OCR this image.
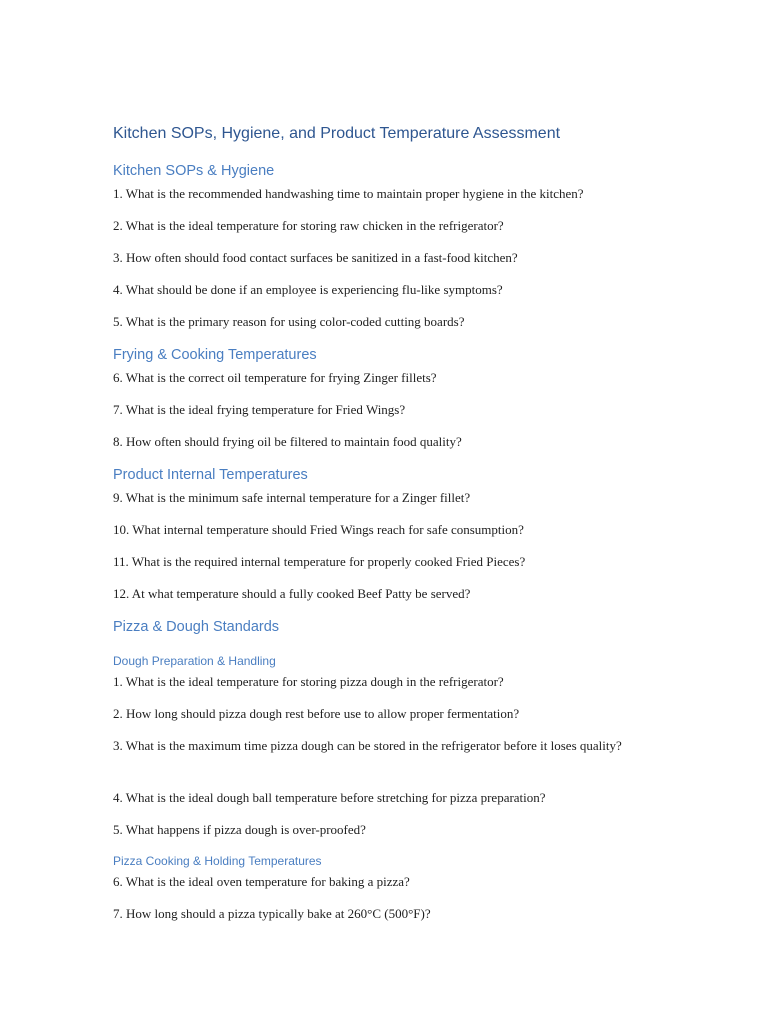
Kitchen SOPs, Hygiene, and Product Temperature Assessment
Kitchen SOPs & Hygiene
1. What is the recommended handwashing time to maintain proper hygiene in the kitchen?
2. What is the ideal temperature for storing raw chicken in the refrigerator?
3. How often should food contact surfaces be sanitized in a fast-food kitchen?
4. What should be done if an employee is experiencing flu-like symptoms?
5. What is the primary reason for using color-coded cutting boards?
Frying & Cooking Temperatures
6. What is the correct oil temperature for frying Zinger fillets?
7. What is the ideal frying temperature for Fried Wings?
8. How often should frying oil be filtered to maintain food quality?
Product Internal Temperatures
9. What is the minimum safe internal temperature for a Zinger fillet?
10. What internal temperature should Fried Wings reach for safe consumption?
11. What is the required internal temperature for properly cooked Fried Pieces?
12. At what temperature should a fully cooked Beef Patty be served?
Pizza & Dough Standards
Dough Preparation & Handling
1. What is the ideal temperature for storing pizza dough in the refrigerator?
2. How long should pizza dough rest before use to allow proper fermentation?
3. What is the maximum time pizza dough can be stored in the refrigerator before it loses quality?
4. What is the ideal dough ball temperature before stretching for pizza preparation?
5. What happens if pizza dough is over-proofed?
Pizza Cooking & Holding Temperatures
6. What is the ideal oven temperature for baking a pizza?
7. How long should a pizza typically bake at 260°C (500°F)?
